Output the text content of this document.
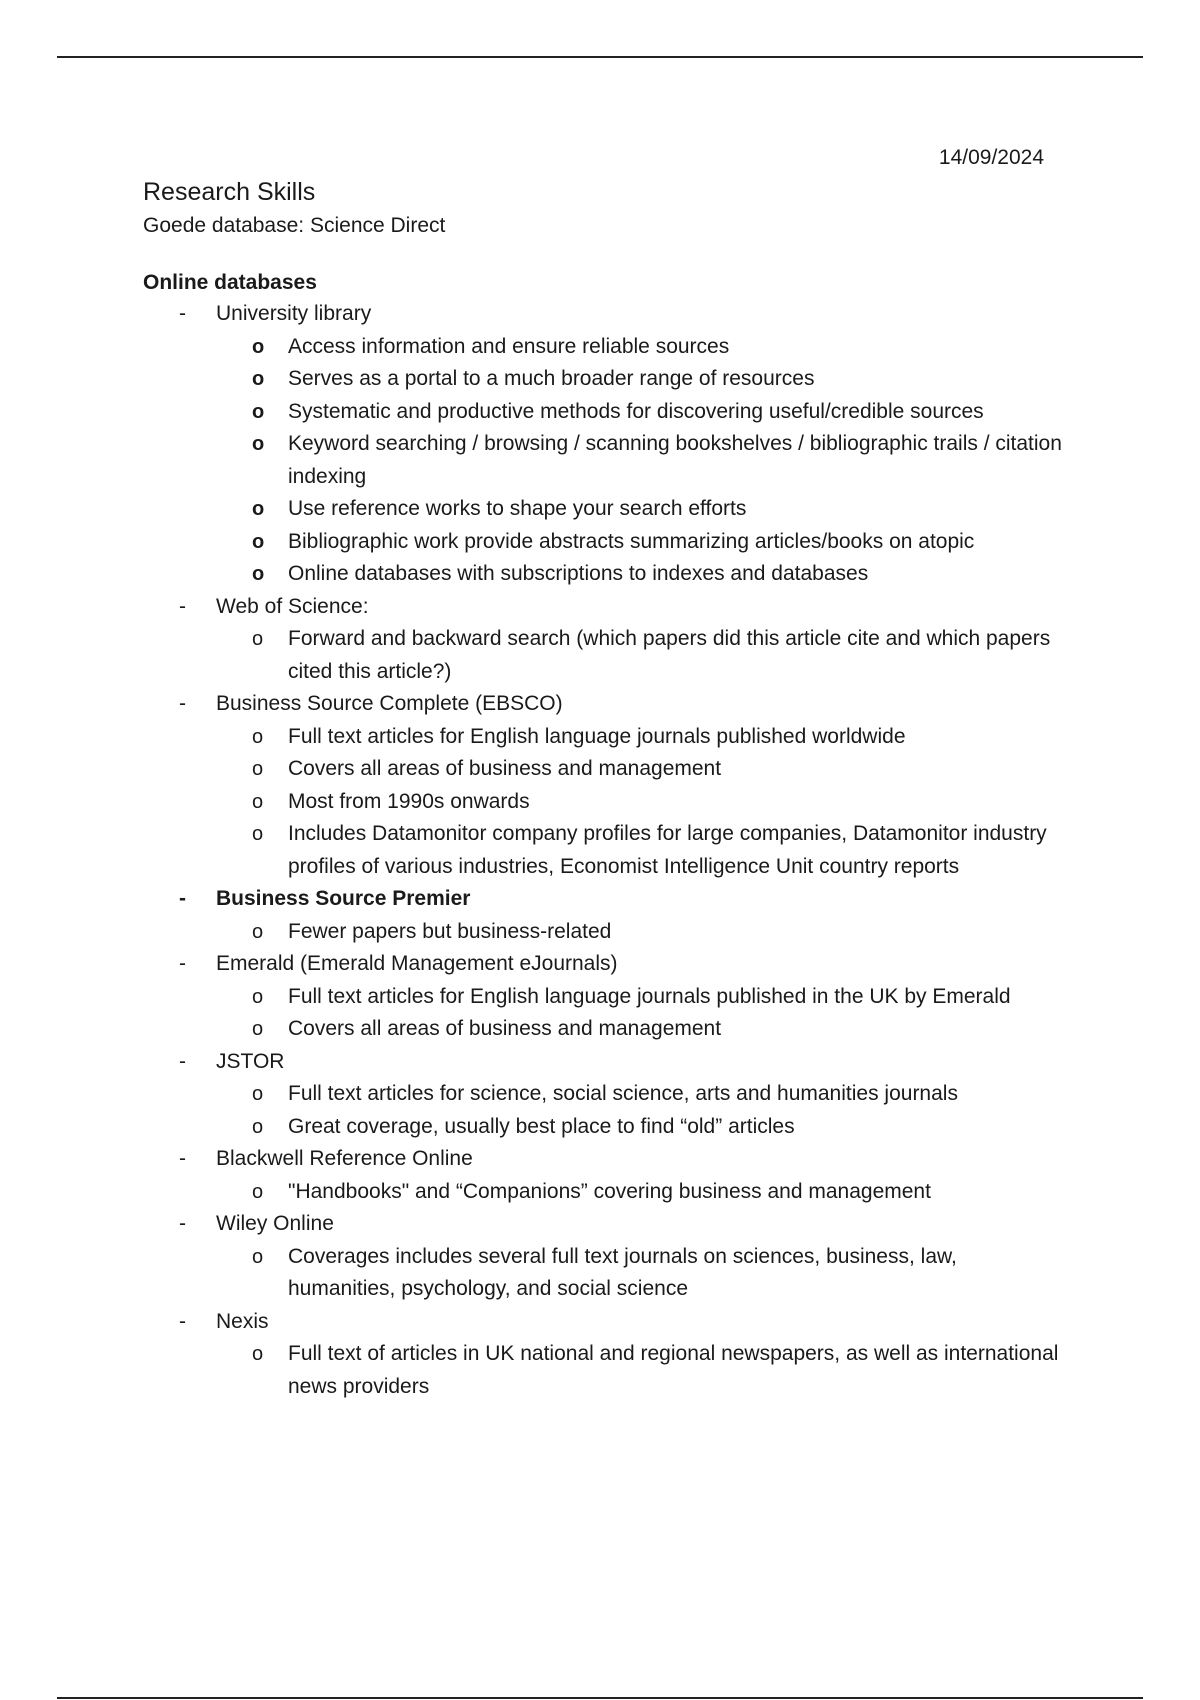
14/09/2024
Research Skills

Goede database: Science Direct

Online databases

- University library
o Access information and ensure reliable sources
o Serves as a portal to a much broader range of resources
o Systematic and productive methods for discovering useful/credible sources
o Keyword searching / browsing / scanning bookshelves / bibliographic trails / citation indexing
o Use reference works to shape your search efforts
o Bibliographic work provide abstracts summarizing articles/books on atopic
o Online databases with subscriptions to indexes and databases
- Web of Science:
o Forward and backward search (which papers did this article cite and which papers cited this article?)
- Business Source Complete (EBSCO)
o Full text articles for English language journals published worldwide
o Covers all areas of business and management
o Most from 1990s onwards
o Includes Datamonitor company profiles for large companies, Datamonitor industry profiles of various industries, Economist Intelligence Unit country reports
- Business Source Premier
o Fewer papers but business-related
- Emerald (Emerald Management eJournals)
o Full text articles for English language journals published in the UK by Emerald
o Covers all areas of business and management
- JSTOR
o Full text articles for science, social science, arts and humanities journals
o Great coverage, usually best place to find “old” articles
- Blackwell Reference Online
o "Handbooks" and “Companions” covering business and management
- Wiley Online
o Coverages includes several full text journals on sciences, business, law, humanities, psychology, and social science
- Nexis
o Full text of articles in UK national and regional newspapers, as well as international news providers
